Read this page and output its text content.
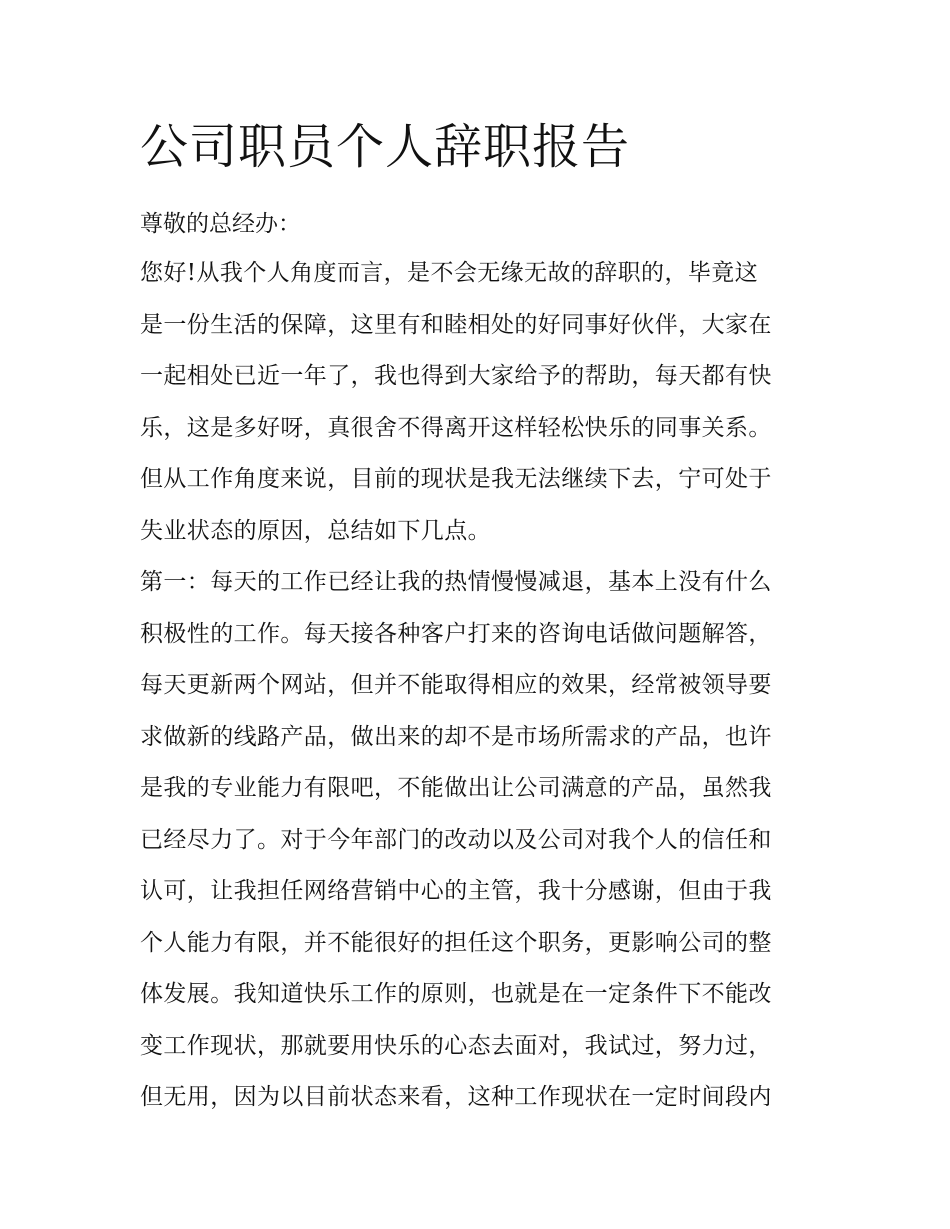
公司职员个人辞职报告

尊敬的总经办：

您好!从我个人角度而言，是不会无缘无故的辞职的，毕竟这
是一份生活的保障，这里有和睦相处的好同事好伙伴，大家在
一起相处已近一年了，我也得到大家给予的帮助，每天都有快
乐，这是多好呀，真很舍不得离开这样轻松快乐的同事关系。
但从工作角度来说，目前的现状是我无法继续下去，宁可处于
失业状态的原因，总结如下几点。
第一：每天的工作已经让我的热情慢慢减退，基本上没有什么
积极性的工作。每天接各种客户打来的咨询电话做问题解答，
每天更新两个网站，但并不能取得相应的效果，经常被领导要
求做新的线路产品，做出来的却不是市场所需求的产品，也许
是我的专业能力有限吧，不能做出让公司满意的产品，虽然我
已经尽力了。对于今年部门的改动以及公司对我个人的信任和
认可，让我担任网络营销中心的主管，我十分感谢，但由于我
个人能力有限，并不能很好的担任这个职务，更影响公司的整
体发展。我知道快乐工作的原则，也就是在一定条件下不能改
变工作现状，那就要用快乐的心态去面对，我试过，努力过，
但无用，因为以目前状态来看，这种工作现状在一定时间段内
